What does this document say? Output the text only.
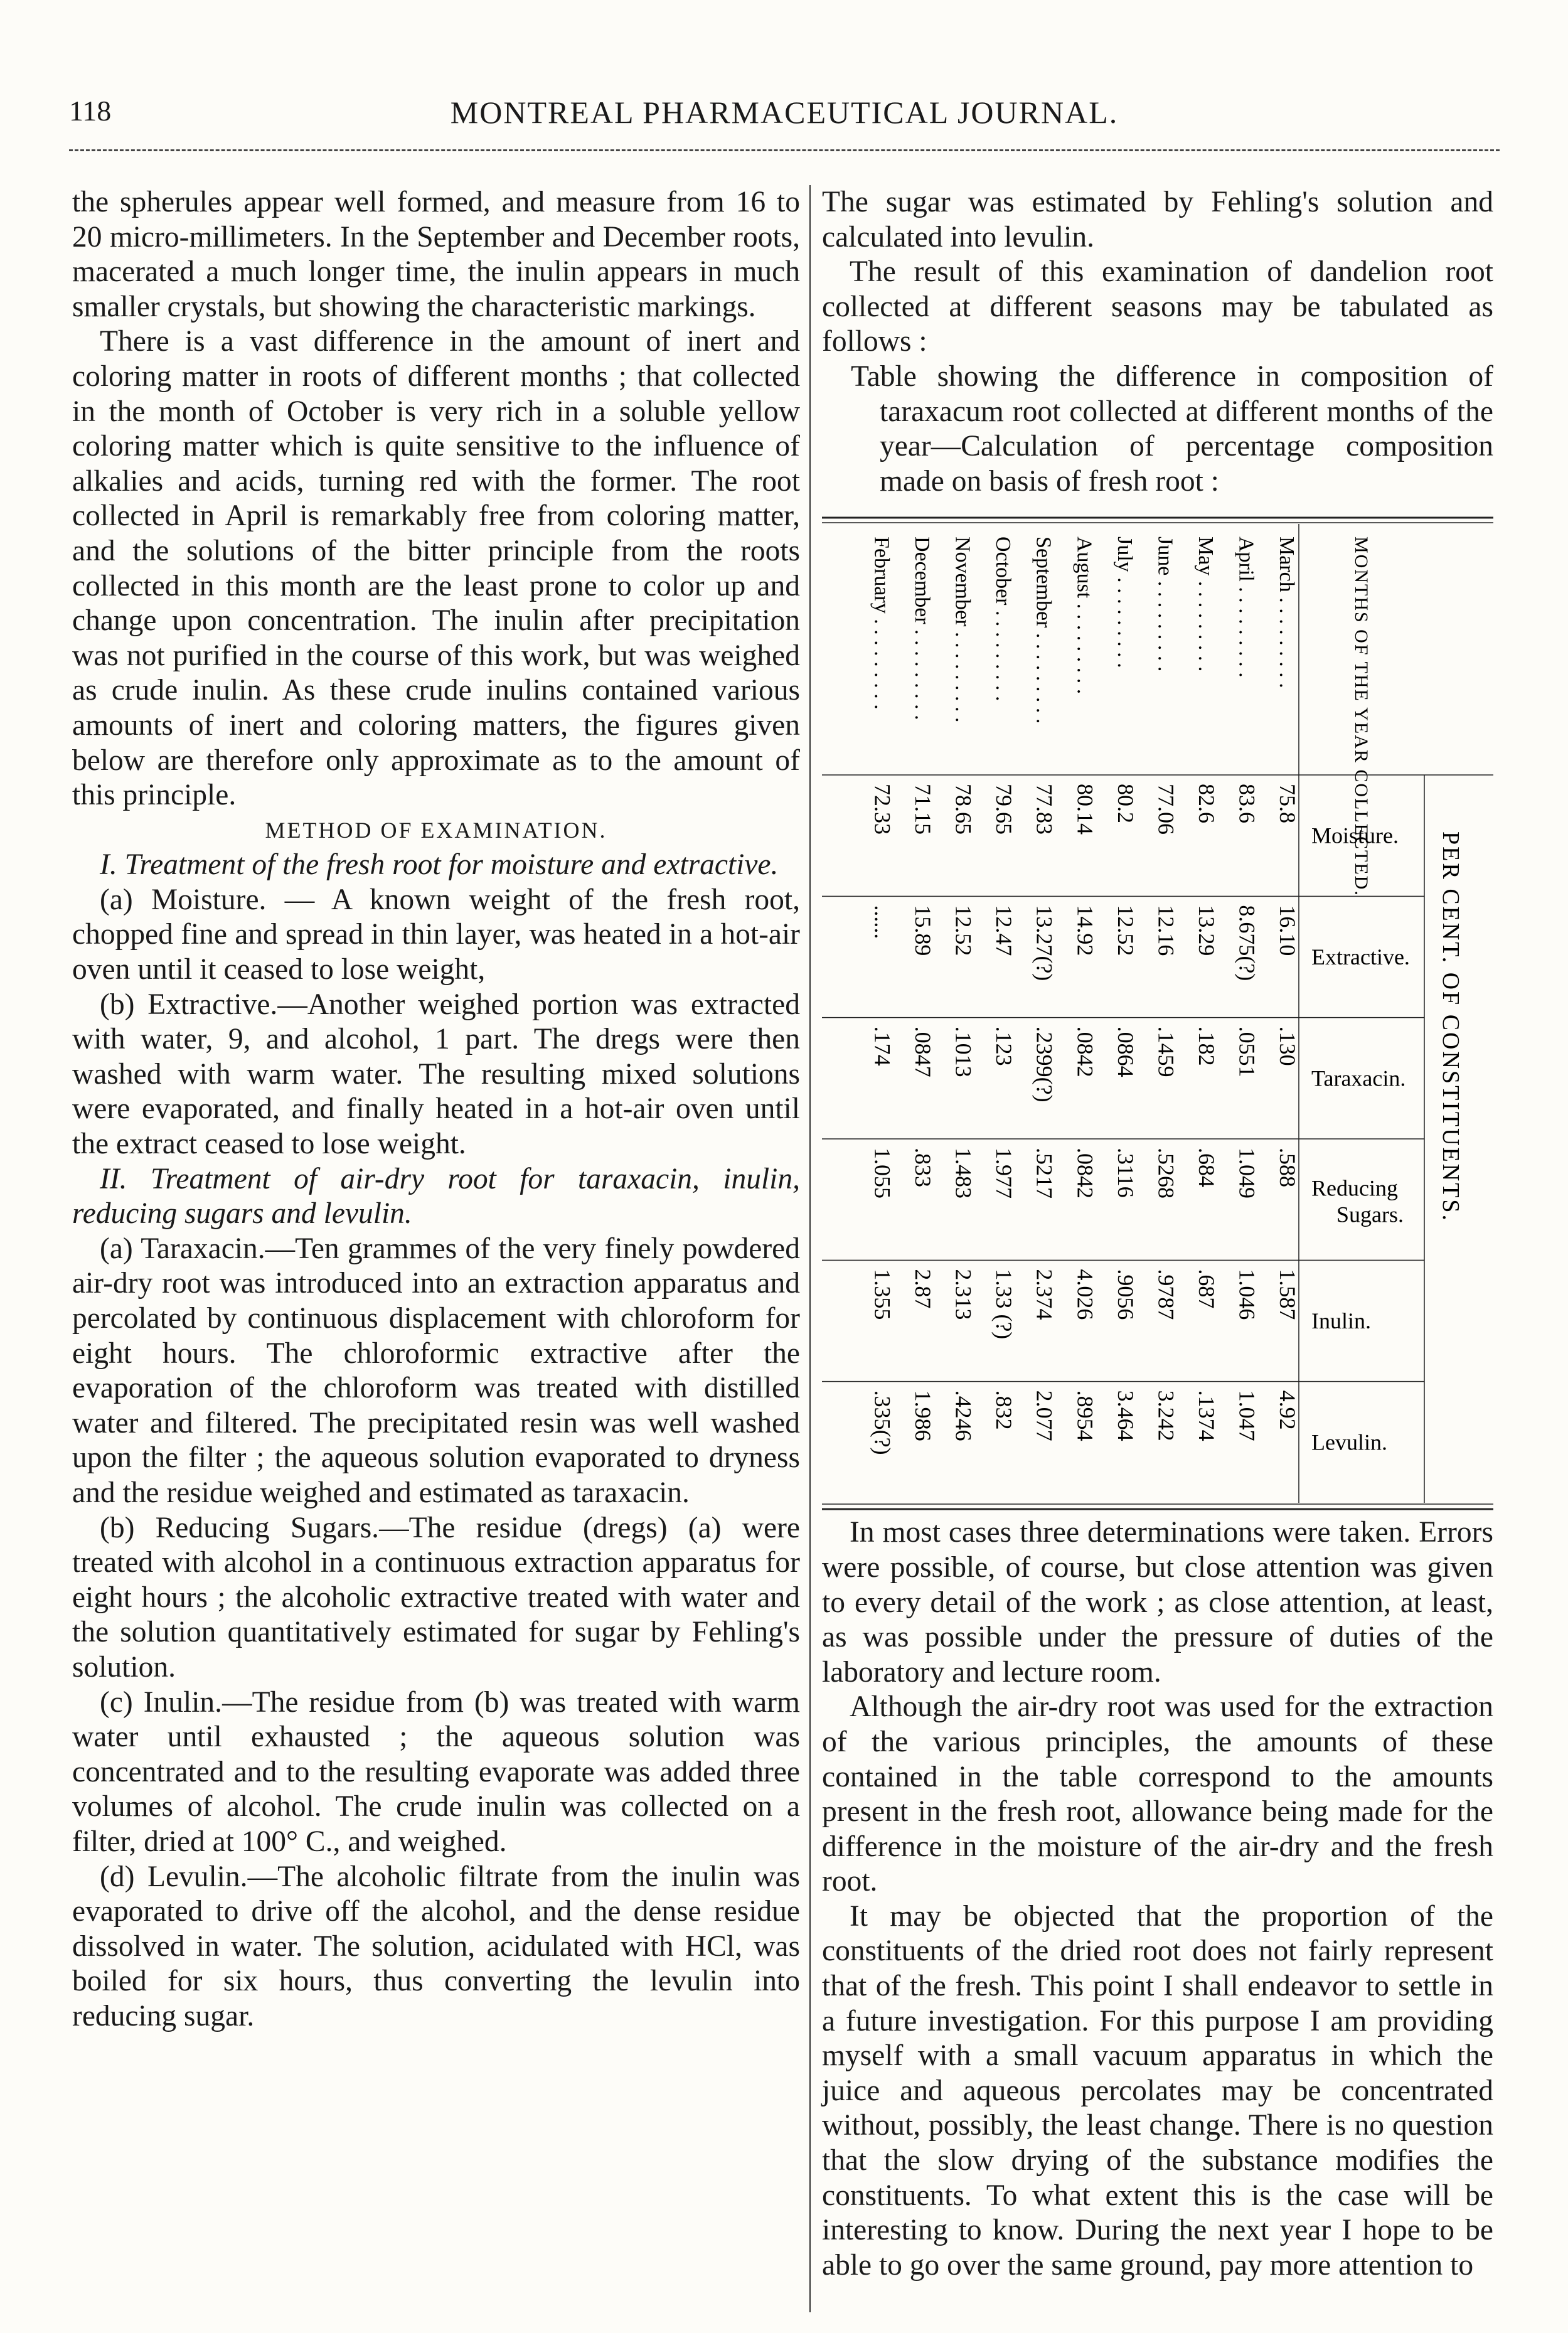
118	MONTREAL PHARMACEUTICAL JOURNAL.

the spherules appear well formed, and measure from 16 to 20 micro-millimeters. In the September and December roots, macerated a much longer time, the inulin appears in much smaller crystals, but showing the characteristic markings.

There is a vast difference in the amount of inert and coloring matter in roots of different months ; that collected in the month of October is very rich in a soluble yellow coloring matter which is quite sensitive to the influence of alkalies and acids, turning red with the former. The root collected in April is remarkably free from coloring matter, and the solutions of the bitter principle from the roots collected in this month are the least prone to color up and change upon concentration. The inulin after precipitation was not purified in the course of this work, but was weighed as crude inulin. As these crude inulins contained various amounts of inert and coloring matters, the figures given below are therefore only approximate as to the amount of this principle.

METHOD OF EXAMINATION.

I. Treatment of the fresh root for moisture and extractive.

(a) Moisture. — A known weight of the fresh root, chopped fine and spread in thin layer, was heated in a hot-air oven until it ceased to lose weight,

(b) Extractive.—Another weighed portion was extracted with water, 9, and alcohol, 1 part. The dregs were then washed with warm water. The resulting mixed solutions were evaporated, and finally heated in a hot-air oven until the extract ceased to lose weight.

II. Treatment of air-dry root for taraxacin, inulin, reducing sugars and levulin.

(a) Taraxacin.—Ten grammes of the very finely powdered air-dry root was introduced into an extraction apparatus and percolated by continuous displacement with chloroform for eight hours. The chloroformic extractive after the evaporation of the chloroform was treated with distilled water and filtered. The precipitated resin was well washed upon the filter ; the aqueous solution evaporated to dryness and the residue weighed and estimated as taraxacin.

(b) Reducing Sugars.—The residue (dregs) (a) were treated with alcohol in a continuous extraction apparatus for eight hours ; the alcoholic extractive treated with water and the solution quantitatively estimated for sugar by Fehling's solution.

(c) Inulin.—The residue from (b) was treated with warm water until exhausted ; the aqueous solution was concentrated and to the resulting evaporate was added three volumes of alcohol. The crude inulin was collected on a filter, dried at 100° C., and weighed.

(d) Levulin.—The alcoholic filtrate from the inulin was evaporated to drive off the alcohol, and the dense residue dissolved in water. The solution, acidulated with HCl, was boiled for six hours, thus converting the levulin into reducing sugar.

The sugar was estimated by Fehling's solution and calculated into levulin.

The result of this examination of dandelion root collected at different seasons may be tabulated as follows :

Table showing the difference in composition of taraxacum root collected at different months of the year—Calculation of percentage composition made on basis of fresh root :

MONTHS OF THE YEAR COLLECTED.
March . . . . . . . . .
April . . . . . . . . .
May . . . . . . . . .
June . . . . . . . . .
July . . . . . . . . .
August . . . . . . . . .
September . . . . . . . . .
October . . . . . . . . .
November . . . . . . . . .
December . . . . . . . . .
February . . . . . . . . .
Moisture.
75.8
83.6
82.6
77.06
80.2
80.14
77.83
79.65
78.65
71.15
72.33
Extractive.
16.10
8.675(?)
13.29
12.16
12.52
14.92
13.27(?)
12.47
12.52
15.89
......
Taraxacin.
.130
.0551
.182
.1459
.0864
.0842
.2399(?)
.123
.1013
.0847
.174
Reducing
Sugars.
.588
1.049
.684
.5268
.3116
.0842
.5217
1.977
1.483
.833
1.055
Inulin.
1.587
1.046
.687
.9787
.9056
4.026
2.374
1.33 (?)
2.313
2.87
1.355
Levulin.
4.92
1.047
.1374
3.242
3.464
.8954
2.077
.832
.4246
1.986
.335(?)
PER CENT. OF CONSTITUENTS.

In most cases three determinations were taken. Errors were possible, of course, but close attention was given to every detail of the work ; as close attention, at least, as was possible under the pressure of duties of the laboratory and lecture room.

Although the air-dry root was used for the extraction of the various principles, the amounts of these contained in the table correspond to the amounts present in the fresh root, allowance being made for the difference in the moisture of the air-dry and the fresh root.

It may be objected that the proportion of the constituents of the dried root does not fairly represent that of the fresh. This point I shall endeavor to settle in a future investigation. For this purpose I am providing myself with a small vacuum apparatus in which the juice and aqueous percolates may be concentrated without, possibly, the least change. There is no question that the slow drying of the substance modifies the constituents. To what extent this is the case will be interesting to know. During the next year I hope to be able to go over the same ground, pay more attention to
